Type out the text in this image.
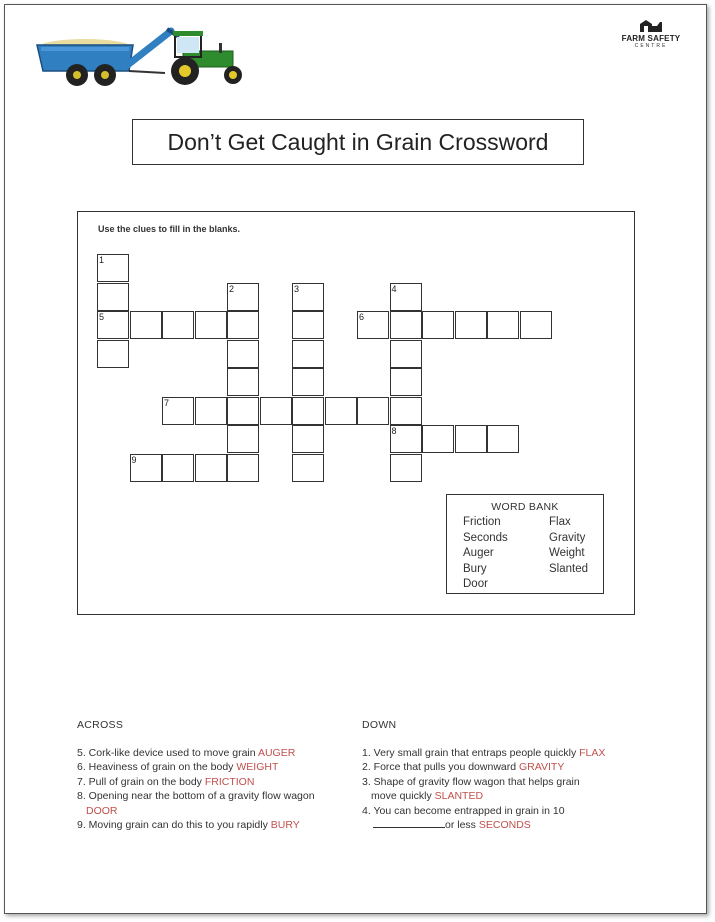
FARM SAFETY
CENTRE
Don’t Get Caught in Grain Crossword
Use the clues to fill in the blanks.
1
5
2	3
6
4
8
7
9
WORD BANK
Friction	Flax
Seconds	Gravity
Auger	Weight
Bury	Slanted
Door
ACROSS
5. Cork-like device used to move grain AUGER
6. Heaviness of grain on the body WEIGHT
7. Pull of grain on the body FRICTION
8. Opening near the bottom of a gravity flow wagon
DOOR
9. Moving grain can do this to you rapidly BURY
DOWN
1. Very small grain that entraps people quickly FLAX
2. Force that pulls you downward GRAVITY
3. Shape of gravity flow wagon that helps grain
move quickly SLANTED
4. You can become entrapped in grain in 10
or less SECONDS
